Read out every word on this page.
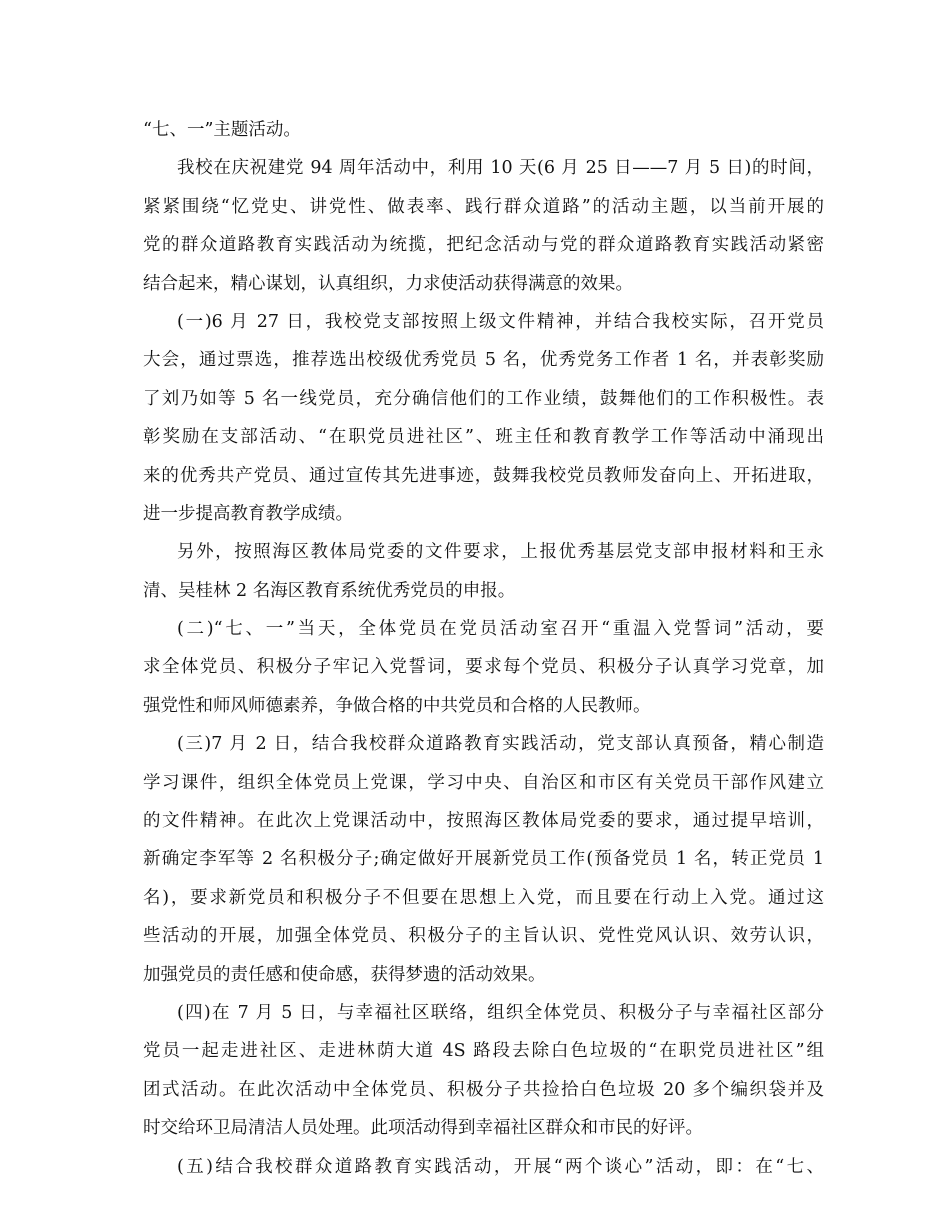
“七、一”主题活动。
我校在庆祝建党 94 周年活动中，利用 10 天(6 月 25 日——7 月 5 日)的时间，
紧紧围绕“忆党史、讲党性、做表率、践行群众道路”的活动主题，以当前开展的
党的群众道路教育实践活动为统揽，把纪念活动与党的群众道路教育实践活动紧密
结合起来，精心谋划，认真组织，力求使活动获得满意的效果。
(一)6 月 27 日，我校党支部按照上级文件精神，并结合我校实际，召开党员
大会，通过票选，推荐选出校级优秀党员 5 名，优秀党务工作者 1 名，并表彰奖励
了刘乃如等 5 名一线党员，充分确信他们的工作业绩，鼓舞他们的工作积极性。表
彰奖励在支部活动、“在职党员进社区”、班主任和教育教学工作等活动中涌现出
来的优秀共产党员、通过宣传其先进事迹，鼓舞我校党员教师发奋向上、开拓进取，
进一步提高教育教学成绩。
另外，按照海区教体局党委的文件要求，上报优秀基层党支部申报材料和王永
清、吴桂林 2 名海区教育系统优秀党员的申报。
(二)“七、一”当天，全体党员在党员活动室召开“重温入党誓词”活动，要
求全体党员、积极分子牢记入党誓词，要求每个党员、积极分子认真学习党章，加
强党性和师风师德素养，争做合格的中共党员和合格的人民教师。
(三)7 月 2 日，结合我校群众道路教育实践活动，党支部认真预备，精心制造
学习课件，组织全体党员上党课，学习中央、自治区和市区有关党员干部作风建立
的文件精神。在此次上党课活动中，按照海区教体局党委的要求，通过提早培训，
新确定李军等 2 名积极分子;确定做好开展新党员工作(预备党员 1 名，转正党员 1
名)，要求新党员和积极分子不但要在思想上入党，而且要在行动上入党。通过这
些活动的开展，加强全体党员、积极分子的主旨认识、党性党风认识、效劳认识，
加强党员的责任感和使命感，获得梦遗的活动效果。
(四)在 7 月 5 日，与幸福社区联络，组织全体党员、积极分子与幸福社区部分
党员一起走进社区、走进林荫大道 4S 路段去除白色垃圾的“在职党员进社区”组
团式活动。在此次活动中全体党员、积极分子共捡拾白色垃圾 20 多个编织袋并及
时交给环卫局清洁人员处理。此项活动得到幸福社区群众和市民的好评。
(五)结合我校群众道路教育实践活动，开展“两个谈心”活动，即：在“七、
